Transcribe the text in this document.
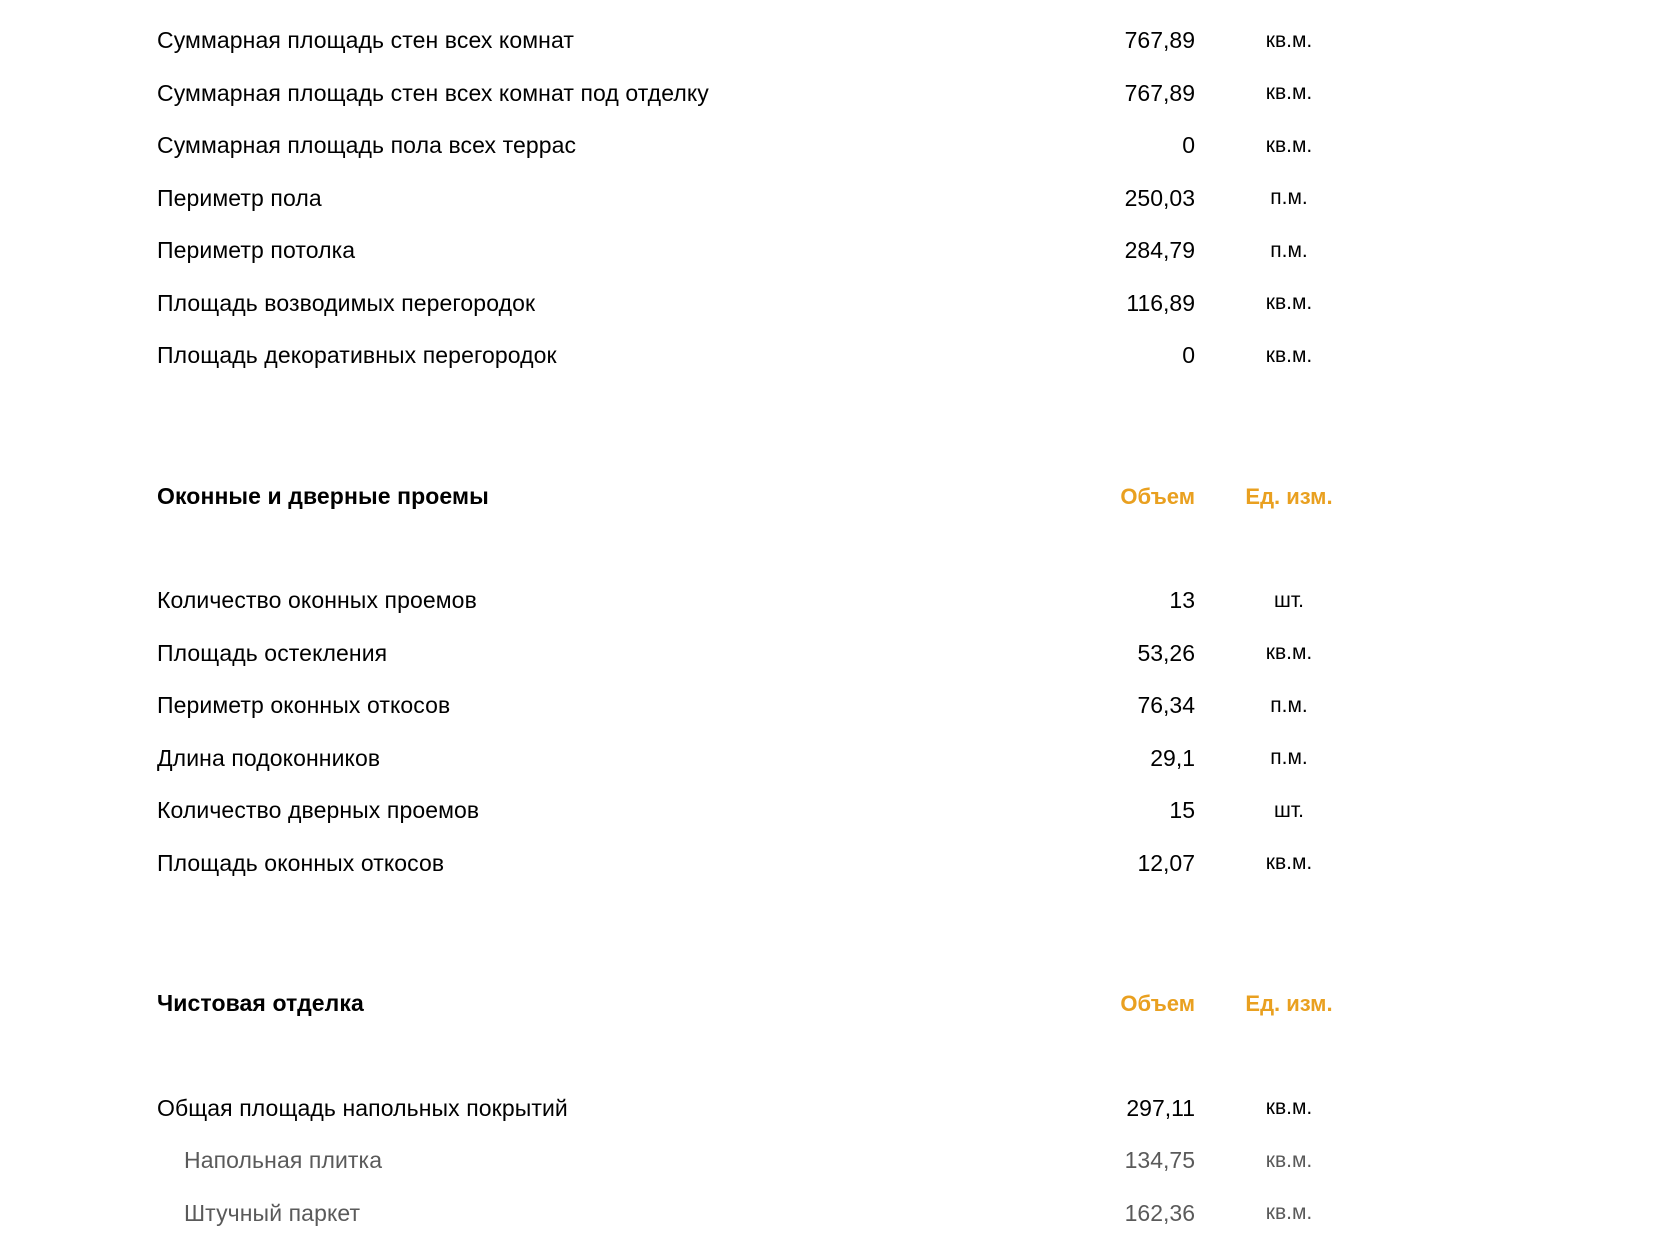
Суммарная площадь стен всех комнат	767,89	кв.м.
Суммарная площадь стен всех комнат под отделку	767,89	кв.м.
Суммарная площадь пола всех террас	0	кв.м.
Периметр пола	250,03	п.м.
Периметр потолка	284,79	п.м.
Площадь возводимых перегородок	116,89	кв.м.
Площадь декоративных перегородок	0	кв.м.
Оконные и дверные проемы	Объем	Ед. изм.
Количество оконных проемов	13	шт.
Площадь остекления	53,26	кв.м.
Периметр оконных откосов	76,34	п.м.
Длина подоконников	29,1	п.м.
Количество дверных проемов	15	шт.
Площадь оконных откосов	12,07	кв.м.
Чистовая отделка	Объем	Ед. изм.
Общая площадь напольных покрытий	297,11	кв.м.
Напольная плитка	134,75	кв.м.
Штучный паркет	162,36	кв.м.
